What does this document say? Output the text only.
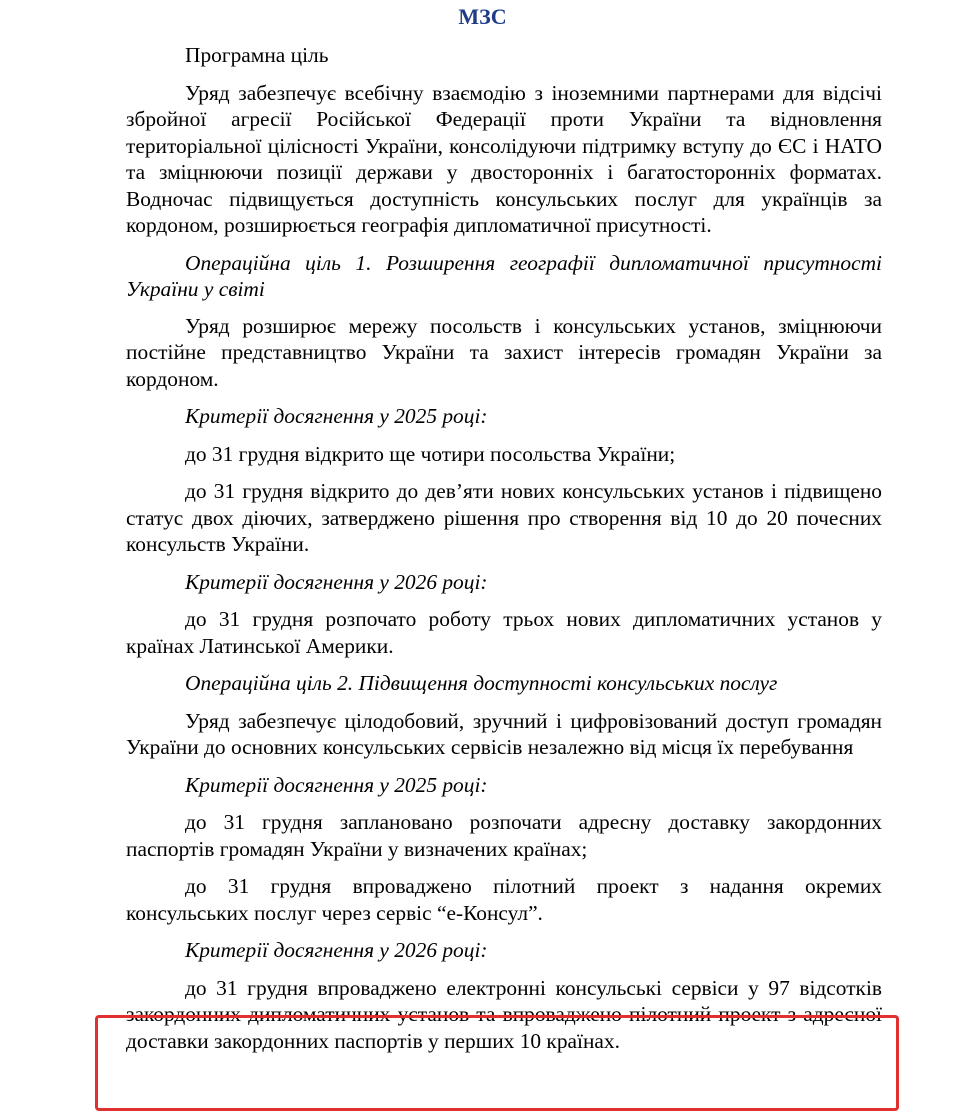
МЗС

Програмна ціль

Уряд забезпечує всебічну взаємодію з іноземними партнерами для відсічі збройної агресії Російської Федерації проти України та відновлення територіальної цілісності України, консолідуючи підтримку вступу до ЄС і НАТО та зміцнюючи позиції держави у двосторонніх і багатосторонніх форматах. Водночас підвищується доступність консульських послуг для українців за кордоном, розширюється географія дипломатичної присутності.

Операційна ціль 1. Розширення географії дипломатичної присутності України у світі

Уряд розширює мережу посольств і консульських установ, зміцнюючи постійне представництво України та захист інтересів громадян України за кордоном.

Критерії досягнення у 2025 році:

до 31 грудня відкрито ще чотири посольства України;

до 31 грудня відкрито до дев’яти нових консульських установ і підвищено статус двох діючих, затверджено рішення про створення від 10 до 20 почесних консульств України.

Критерії досягнення у 2026 році:

до 31 грудня розпочато роботу трьох нових дипломатичних установ у країнах Латинської Америки.

Операційна ціль 2. Підвищення доступності консульських послуг

Уряд забезпечує цілодобовий, зручний і цифровізований доступ громадян України до основних консульських сервісів незалежно від місця їх перебування

Критерії досягнення у 2025 році:

до 31 грудня заплановано розпочати адресну доставку закордонних паспортів громадян України у визначених країнах;

до 31 грудня впроваджено пілотний проект з надання окремих консульських послуг через сервіс “е-Консул”.

Критерії досягнення у 2026 році:

до 31 грудня впроваджено електронні консульські сервіси у 97 відсотків закордонних дипломатичних установ та впроваджено пілотний проект з адресної доставки закордонних паспортів у перших 10 країнах.
